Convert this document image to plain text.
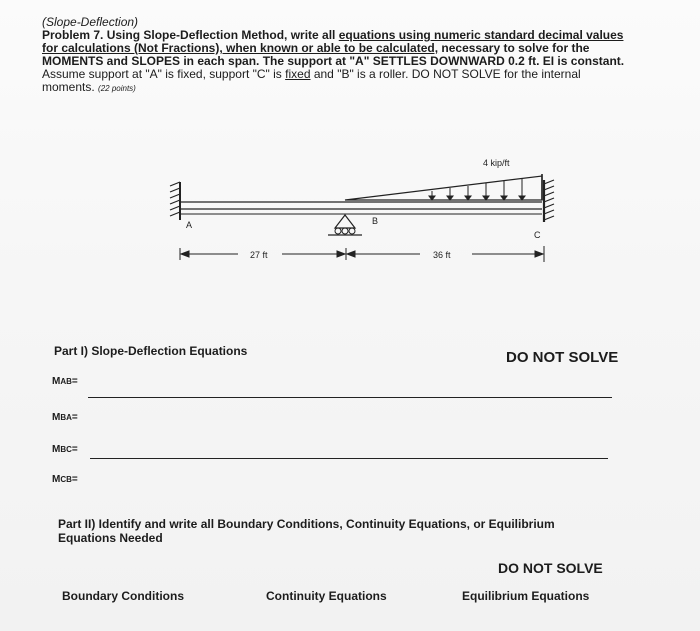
(Slope-Deflection)
Problem 7. Using Slope-Deflection Method, write all equations using numeric standard decimal values
for calculations (Not Fractions), when known or able to be calculated, necessary to solve for the
MOMENTS and SLOPES in each span. The support at "A" SETTLES DOWNWARD 0.2 ft. EI is constant.
Assume support at "A" is fixed, support "C" is fixed and "B" is a roller. DO NOT SOLVE for the internal
moments. (22 points)
4 kip/ft
A	B
C
27 ft	36 ft
Part I) Slope-Deflection Equations	DO NOT SOLVE
MAB=
MBA=
MBC=
MCB=
Part II) Identify and write all Boundary Conditions, Continuity Equations, or Equilibrium
Equations Needed
DO NOT SOLVE
Boundary Conditions	Continuity Equations	Equilibrium Equations
